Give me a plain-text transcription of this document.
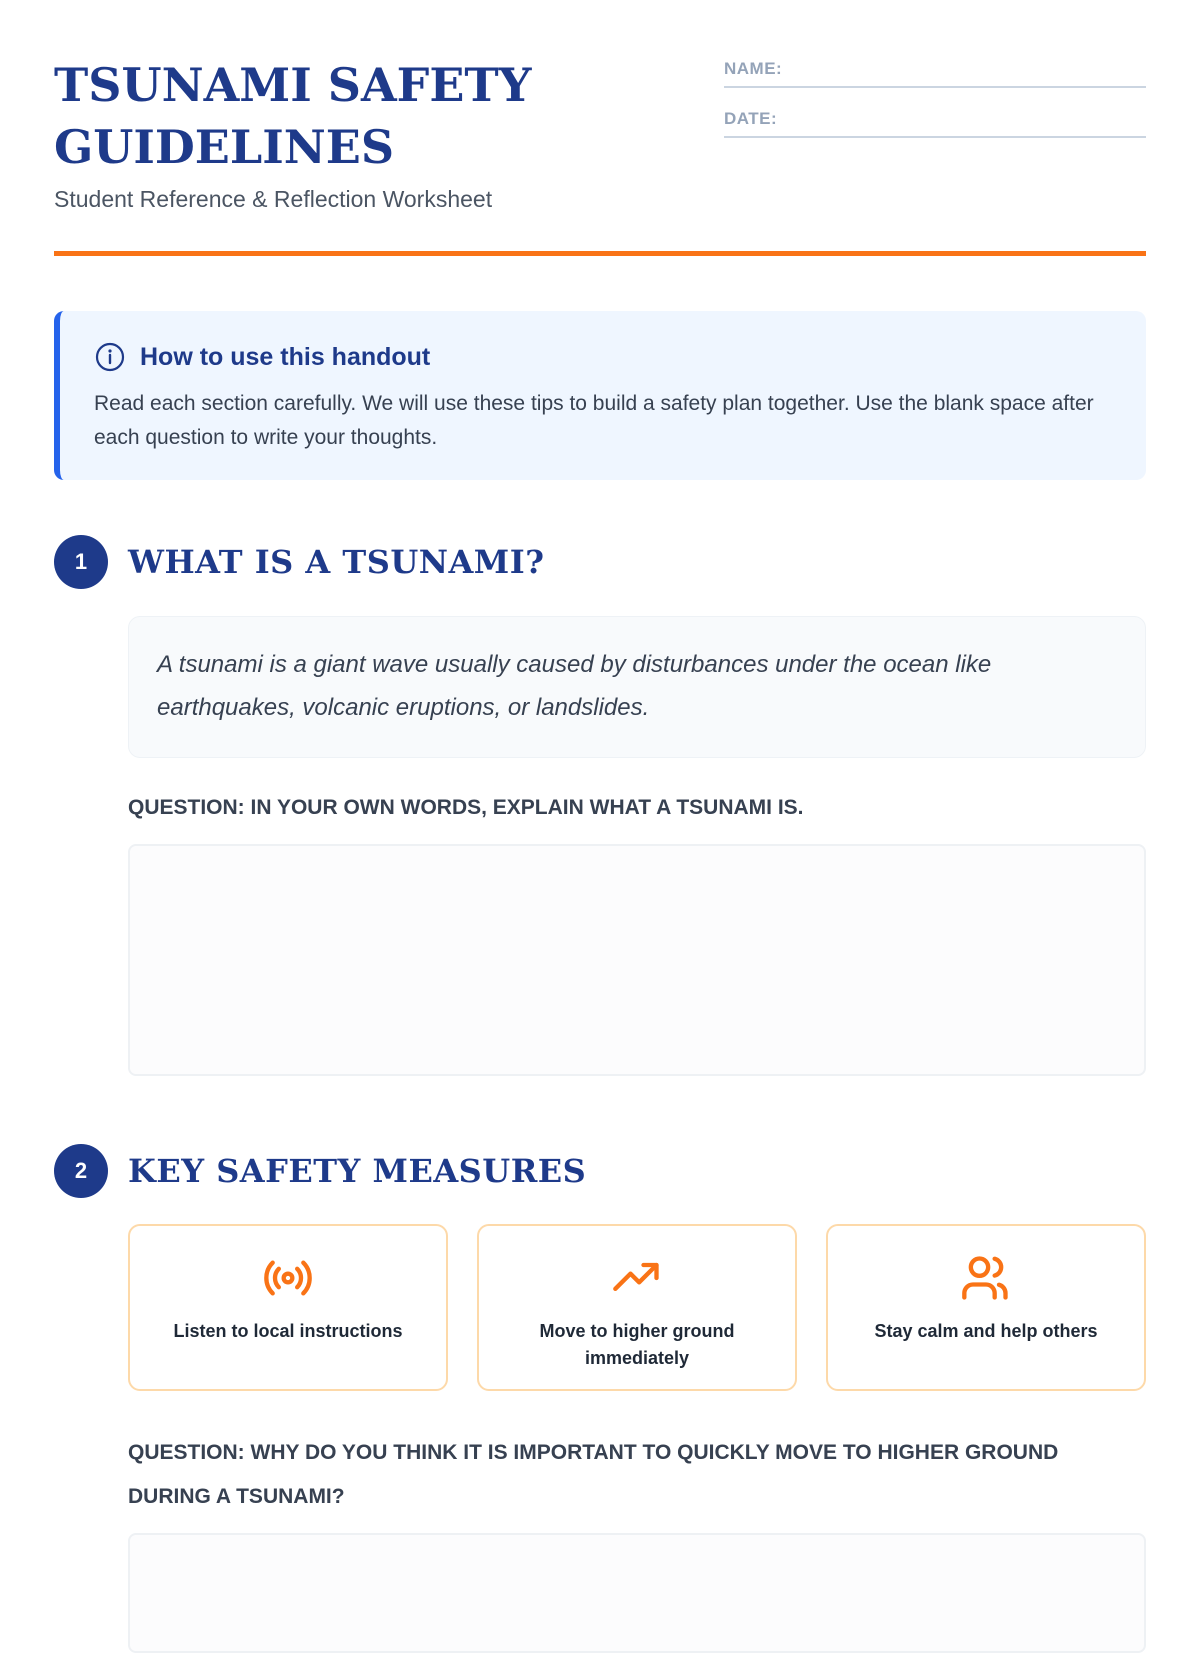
TSUNAMI SAFETY GUIDELINES

Student Reference & Reflection Worksheet

NAME:
DATE:
How to use this handout
Read each section carefully. We will use these tips to build a safety plan together. Use the blank space after each question to write your thoughts.
1	WHAT IS A TSUNAMI?
A tsunami is a giant wave usually caused by disturbances under the ocean like earthquakes, volcanic eruptions, or landslides.

QUESTION: IN YOUR OWN WORDS, EXPLAIN WHAT A TSUNAMI IS.

2	KEY SAFETY MEASURES
Listen to local instructions	Move to higher ground immediately
Stay calm and help others

QUESTION: WHY DO YOU THINK IT IS IMPORTANT TO QUICKLY MOVE TO HIGHER GROUND DURING A TSUNAMI?
